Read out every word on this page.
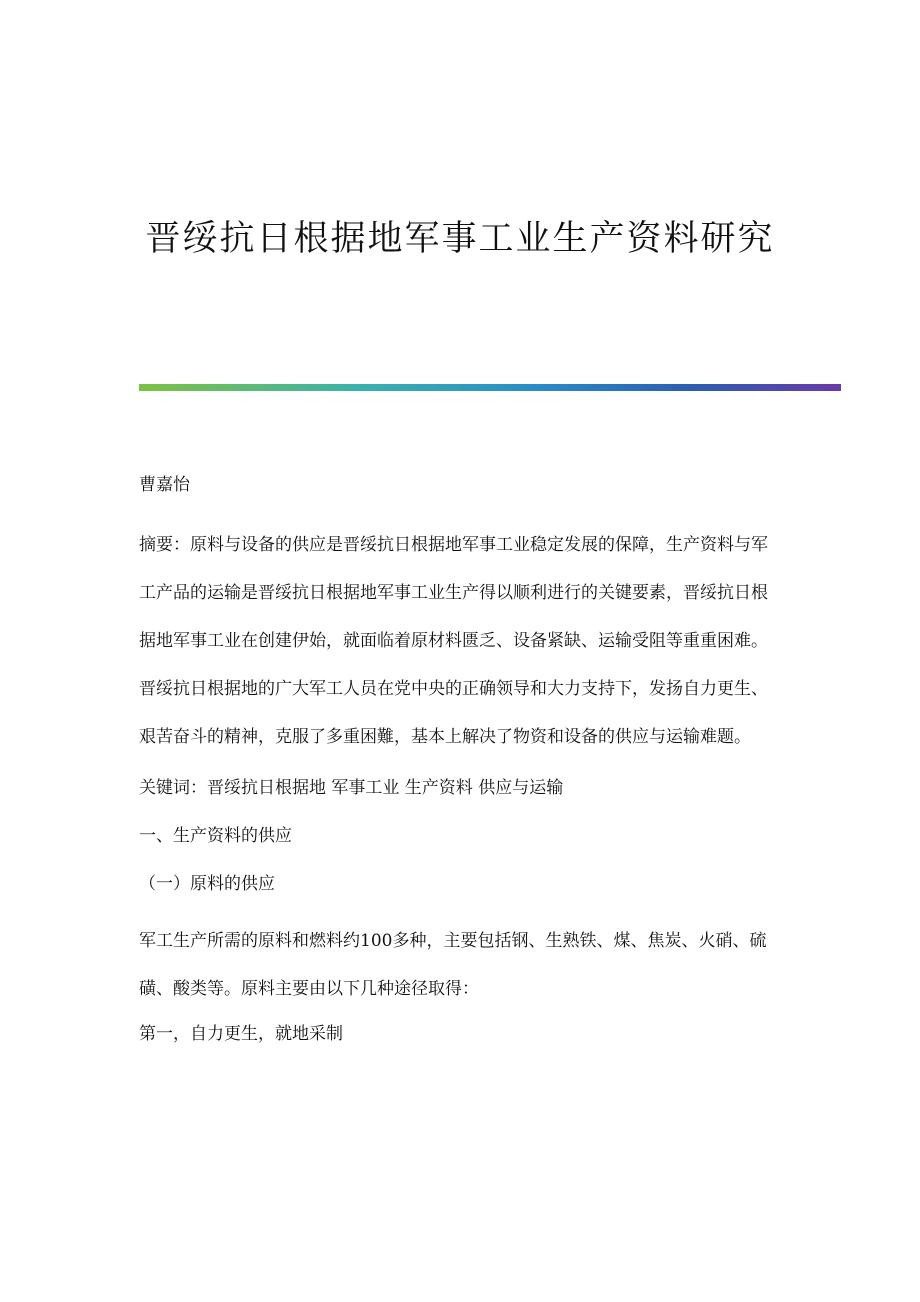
晋绥抗日根据地军事工业生产资料研究

曹嘉怡

摘要：原料与设备的供应是晋绥抗日根据地军事工业稳定发展的保障，生产资料与军工产品的运输是晋绥抗日根据地军事工业生产得以顺利进行的关键要素，晋绥抗日根据地军事工业在创建伊始，就面临着原材料匮乏、设备紧缺、运输受阻等重重困难。晋绥抗日根据地的广大军工人员在党中央的正确领导和大力支持下，发扬自力更生、艰苦奋斗的精神，克服了多重困難，基本上解决了物资和设备的供应与运输难题。

关键词：晋绥抗日根据地 军事工业 生产资料 供应与运输

一、生产资料的供应

（一）原料的供应

军工生产所需的原料和燃料约100多种，主要包括钢、生熟铁、煤、焦炭、火硝、硫磺、酸类等。原料主要由以下几种途径取得：

第一，自力更生，就地采制
